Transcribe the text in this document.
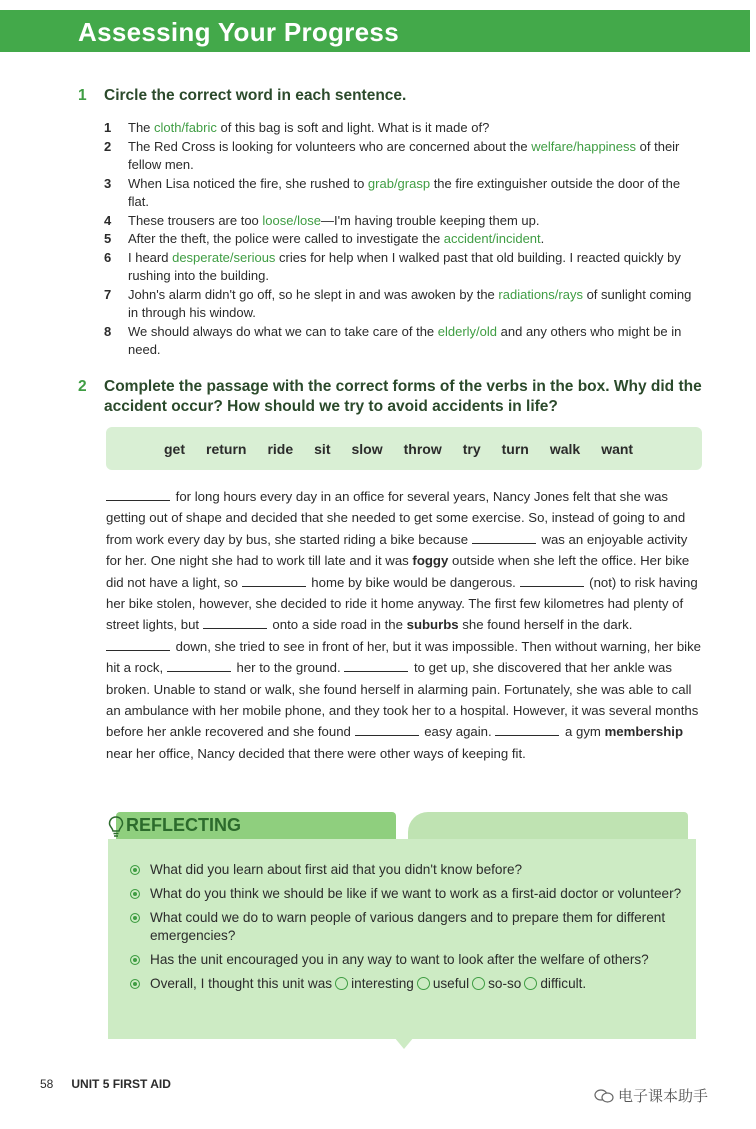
Assessing Your Progress
1 Circle the correct word in each sentence.
1 The cloth/fabric of this bag is soft and light. What is it made of?
2 The Red Cross is looking for volunteers who are concerned about the welfare/happiness of their fellow men.
3 When Lisa noticed the fire, she rushed to grab/grasp the fire extinguisher outside the door of the flat.
4 These trousers are too loose/lose—I'm having trouble keeping them up.
5 After the theft, the police were called to investigate the accident/incident.
6 I heard desperate/serious cries for help when I walked past that old building. I reacted quickly by rushing into the building.
7 John's alarm didn't go off, so he slept in and was awoken by the radiations/rays of sunlight coming in through his window.
8 We should always do what we can to take care of the elderly/old and any others who might be in need.
2	Complete the passage with the correct forms of the verbs in the box. Why did the accident occur? How should we try to avoid accidents in life?
get return ride sit slow throw try turn walk want

for long hours every day in an office for several years, Nancy Jones felt that she was getting out of shape and decided that she needed to get some exercise. So, instead of going to and from work every day by bus, she started riding a bike because	was an enjoyable activity for her. One night she had to work till late and it was foggy outside when she left the office. Her bike did not have a light, so	home by bike would be dangerous.	(not) to risk having her bike stolen, however, she decided to ride it home anyway. The first few kilometres had plenty of street lights, but	onto a side road in the suburbs she found herself in the dark.  down, she tried to see in front of her, but it was impossible. Then without warning, her bike hit a rock,	her to the ground.	to get up, she discovered that her ankle was broken. Unable to stand or walk, she found herself in alarming pain. Fortunately, she was able to call an ambulance with her mobile phone, and they took her to a hospital. However, it was several months before her ankle recovered and she found	easy again.	a gym membership near her office, Nancy decided that there were other ways of keeping fit.

REFLECTING
What did you learn about first aid that you didn't know before?
What do you think we should be like if we want to work as a first-aid doctor or volunteer?
What could we do to warn people of various dangers and to prepare them for different emergencies?
Has the unit encouraged you in any way to want to look after the welfare of others?
Overall, I thought this unit was interesting useful so-so difficult.
58 UNIT 5 FIRST AID
电子课本助手
